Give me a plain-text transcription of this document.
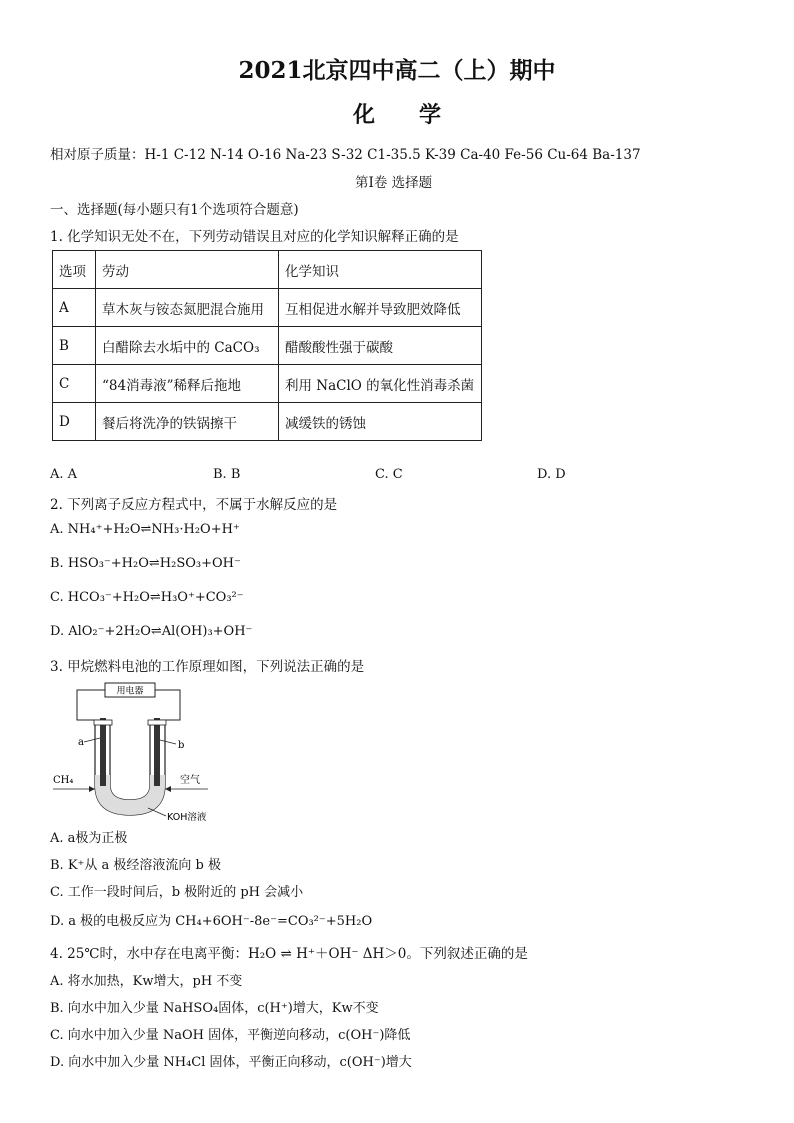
2021北京四中高二（上）期中
化学
相对原子质量：H-1 C-12 N-14 O-16 Na-23 S-32 C1-35.5 K-39 Ca-40 Fe-56 Cu-64 Ba-137
第I卷 选择题
一、选择题(每小题只有1个选项符合题意)
1. 化学知识无处不在，下列劳动错误且对应的化学知识解释正确的是
选项	劳动	化学知识
A	草木灰与铵态氮肥混合施用	互相促进水解并导致肥效降低
B	白醋除去水垢中的 CaCO₃	醋酸酸性强于碳酸
C	“84消毒液”稀释后拖地	利用 NaClO 的氧化性消毒杀菌
D	餐后将洗净的铁锅擦干	减缓铁的锈蚀
A. A	B. B	C. C	D. D
2. 下列离子反应方程式中，不属于水解反应的是
A. NH₄⁺+H₂O⇌NH₃·H₂O+H⁺
B. HSO₃⁻+H₂O⇌H₂SO₃+OH⁻
C. HCO₃⁻+H₂O⇌H₃O⁺+CO₃²⁻
D. AlO₂⁻+2H₂O⇌Al(OH)₃+OH⁻
3. 甲烷燃料电池的工作原理如图，下列说法正确的是
用电器
a	b
CH₄	空气
KOH溶液
A. a极为正极
B. K⁺从 a 极经溶液流向 b 极
C. 工作一段时间后，b 极附近的 pH 会减小
D. a 极的电极反应为 CH₄+6OH⁻-8e⁻=CO₃²⁻+5H₂O
4. 25℃时，水中存在电离平衡：H₂O ⇌ H⁺＋OH⁻ ΔH＞0。下列叙述正确的是
A. 将水加热，Kw增大，pH 不变
B. 向水中加入少量 NaHSO₄固体，c(H⁺)增大，Kw不变
C. 向水中加入少量 NaOH 固体，平衡逆向移动，c(OH⁻)降低
D. 向水中加入少量 NH₄Cl 固体，平衡正向移动，c(OH⁻)增大
